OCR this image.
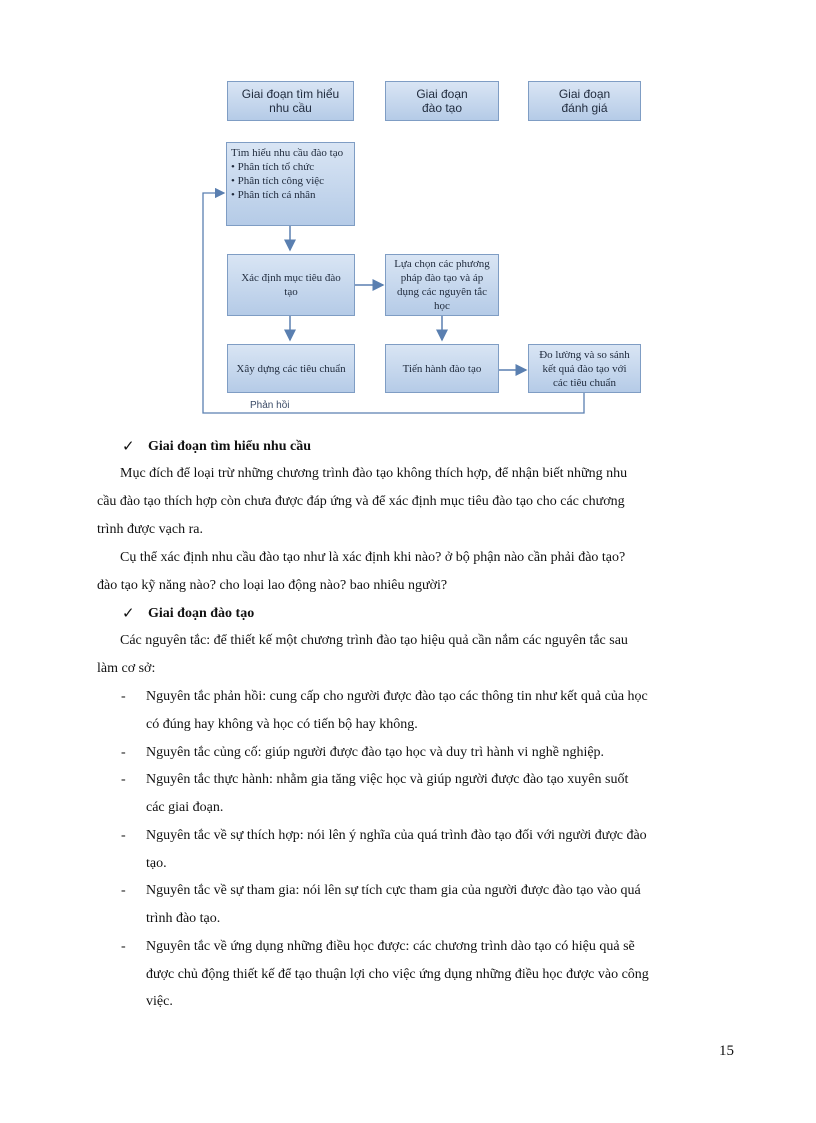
Giai đoạn tìm hiểu
nhu cầu
Giai đoạn
đào tạo
Giai đoạn
đánh giá
Tìm hiểu nhu cầu đào tạo
• Phân tích tổ chức
• Phân tích công việc
• Phân tích cá nhân
Xác định mục tiêu đào
tạo
Lựa chọn các phương
pháp đào tạo và áp
dụng các nguyên tắc
học
Xây dựng các tiêu chuẩn	Tiến hành đào tạo
Đo lường và so sánh
kết quả đào tạo với
các tiêu chuẩn
Phản hồi
✓ Giai đoạn tìm hiểu nhu cầu
Mục đích để loại trừ những chương trình đào tạo không thích hợp, để nhận biết những nhu
cầu đào tạo thích hợp còn chưa được đáp ứng và để xác định mục tiêu đào tạo cho các chương
trình được vạch ra.
Cụ thể xác định nhu cầu đào tạo như là xác định khi nào? ở bộ phận nào cần phải đào tạo?
đào tạo kỹ năng nào? cho loại lao động nào? bao nhiêu người?
✓ Giai đoạn đào tạo
Các nguyên tắc: để thiết kế một chương trình đào tạo hiệu quả cần nắm các nguyên tắc sau
làm cơ sở:
- Nguyên tắc phản hồi: cung cấp cho người được đào tạo các thông tin như kết quả của học
có đúng hay không và học có tiến bộ hay không.
- Nguyên tắc củng cố: giúp người được đào tạo học và duy trì hành vi nghề nghiệp.
- Nguyên tắc thực hành: nhằm gia tăng việc học và giúp người được đào tạo xuyên suốt
các giai đoạn.
- Nguyên tắc về sự thích hợp: nói lên ý nghĩa của quá trình đào tạo đối với người được đào
tạo.
- Nguyên tắc về sự tham gia: nói lên sự tích cực tham gia của người được đào tạo vào quá
trình đào tạo.
- Nguyên tắc về ứng dụng những điều học được: các chương trình dào tạo có hiệu quả sẽ
được chủ động thiết kế để tạo thuận lợi cho việc ứng dụng những điều học được vào công
việc.
15
